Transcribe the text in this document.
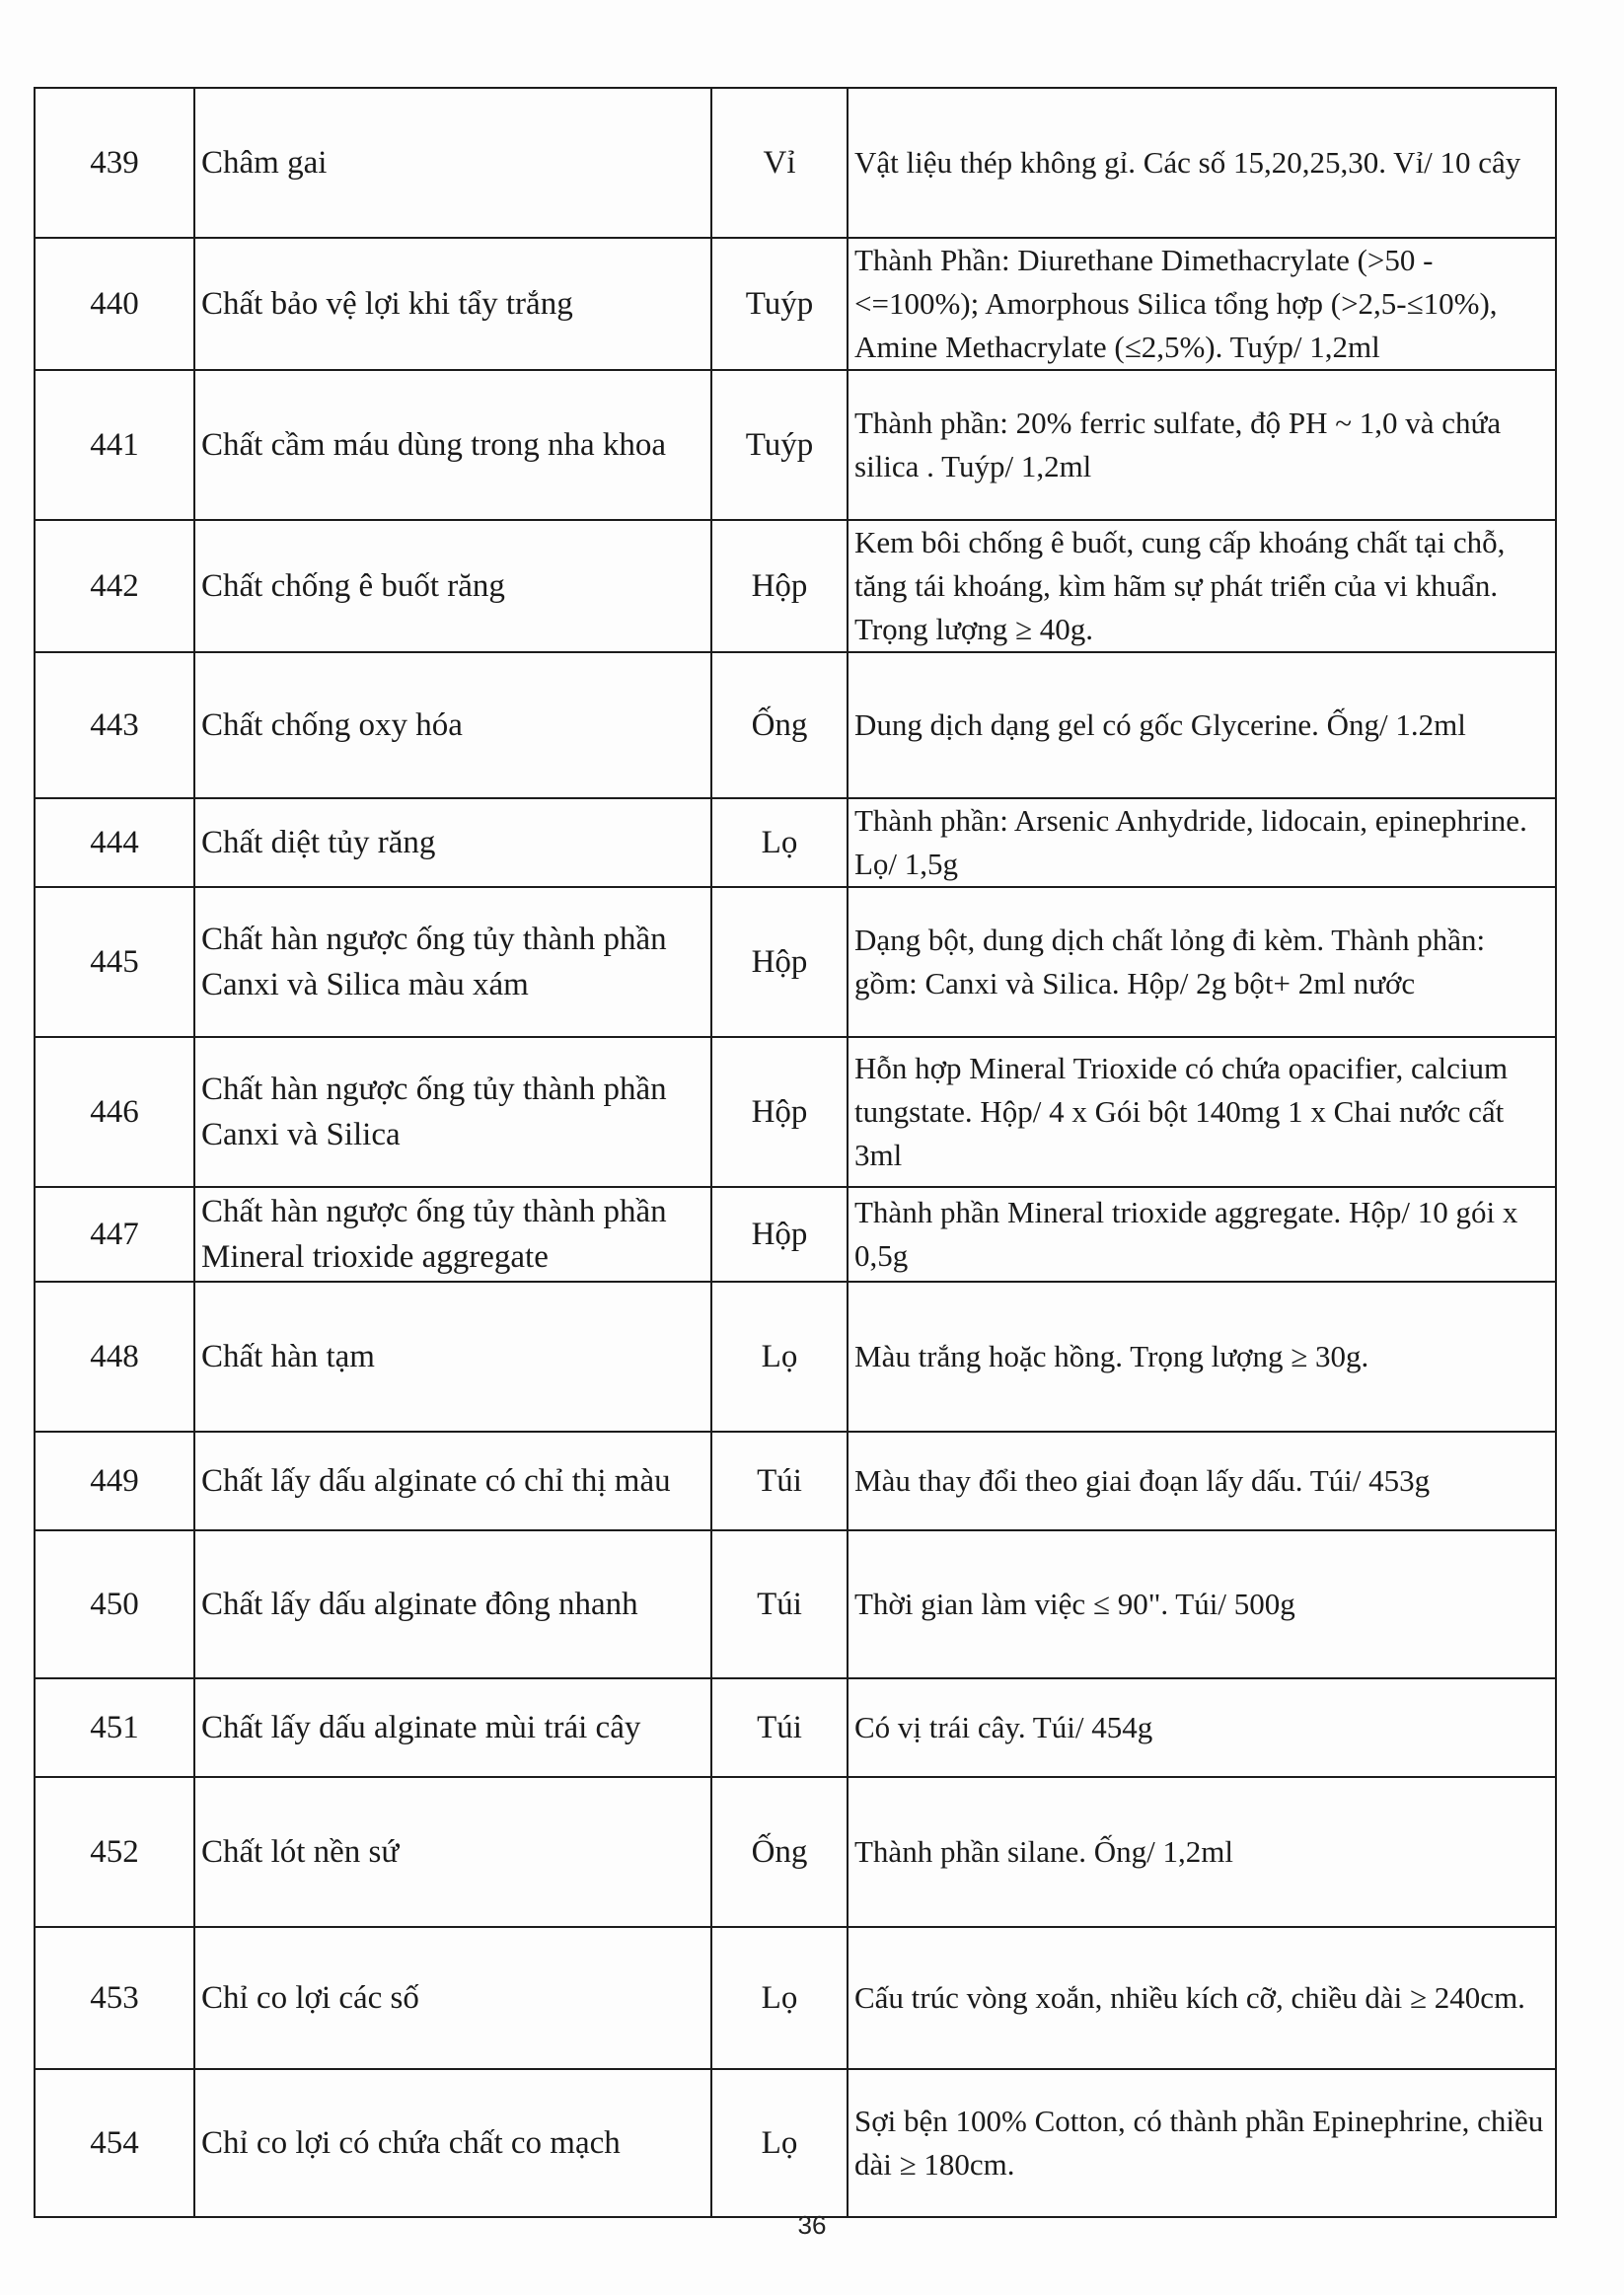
439	Châm gai	Vỉ	Vật liệu thép không gỉ. Các số 15,20,25,30. Vỉ/ 10 cây
440	Chất bảo vệ lợi khi tẩy trắng	Tuýp	Thành Phần: Diurethane Dimethacrylate (>50 - <=100%); Amorphous Silica tổng hợp (>2,5-≤10%), Amine Methacrylate (≤2,5%). Tuýp/ 1,2ml
441	Chất cầm máu dùng trong nha khoa	Tuýp	Thành phần: 20% ferric sulfate, độ PH ~ 1,0 và chứa silica . Tuýp/ 1,2ml
442	Chất chống ê buốt răng	Hộp	Kem bôi chống ê buốt, cung cấp khoáng chất tại chỗ, tăng tái khoáng, kìm hãm sự phát triển của vi khuẩn. Trọng lượng ≥ 40g.
443	Chất chống oxy hóa	Ống	Dung dịch dạng gel có gốc Glycerine. Ống/ 1.2ml
444	Chất diệt tủy răng	Lọ	Thành phần: Arsenic Anhydride, lidocain, epinephrine. Lọ/ 1,5g
445	Chất hàn ngược ống tủy thành phần Canxi và Silica màu xám	Hộp	Dạng bột, dung dịch chất lỏng đi kèm. Thành phần: gồm: Canxi và Silica. Hộp/ 2g bột+ 2ml nước
446	Chất hàn ngược ống tủy thành phần Canxi và Silica	Hộp	Hỗn hợp Mineral Trioxide có chứa opacifier, calcium tungstate. Hộp/ 4 x Gói bột 140mg 1 x Chai nước cất 3ml
447	Chất hàn ngược ống tủy thành phần Mineral trioxide aggregate	Hộp	Thành phần Mineral trioxide aggregate. Hộp/ 10 gói x 0,5g
448	Chất hàn tạm	Lọ	Màu trắng hoặc hồng. Trọng lượng ≥ 30g.
449	Chất lấy dấu alginate có chỉ thị màu	Túi	Màu thay đổi theo giai đoạn lấy dấu. Túi/ 453g
450	Chất lấy dấu alginate đông nhanh	Túi	Thời gian làm việc ≤ 90". Túi/ 500g
451	Chất lấy dấu alginate mùi trái cây	Túi	Có vị trái cây. Túi/ 454g
452	Chất lót nền sứ	Ống	Thành phần silane. Ống/ 1,2ml
453	Chỉ co lợi các số	Lọ	Cấu trúc vòng xoắn, nhiều kích cỡ, chiều dài ≥ 240cm.
454	Chỉ co lợi có chứa chất co mạch	Lọ	Sợi bện 100% Cotton, có thành phần Epinephrine, chiều dài ≥ 180cm.
36
